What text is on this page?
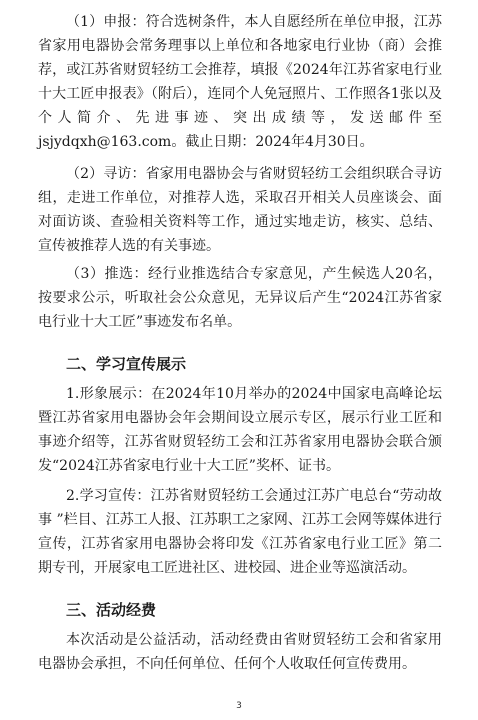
（1）申报：符合选树条件，本人自愿经所在单位申报，江苏省家用电器协会常务理事以上单位和各地家电行业协（商）会推荐，或江苏省财贸轻纺工会推荐，填报《2024年江苏省家电行业十大工匠申报表》（附后），连同个人免冠照片、工作照各1张以及个人简介、先进事迹、突出成绩等，发送邮件至jsjydqxh@163.com。截止日期：2024年4月30日。

（2）寻访：省家用电器协会与省财贸轻纺工会组织联合寻访组，走进工作单位，对推荐人选，采取召开相关人员座谈会、面对面访谈、查验相关资料等工作，通过实地走访，核实、总结、宣传被推荐人选的有关事迹。

（3）推选：经行业推选结合专家意见，产生候选人20名，按要求公示，听取社会公众意见，无异议后产生“2024江苏省家电行业十大工匠”事迹发布名单。

二、学习宣传展示

1.形象展示：在2024年10月举办的2024中国家电高峰论坛暨江苏省家用电器协会年会期间设立展示专区，展示行业工匠和事迹介绍等，江苏省财贸轻纺工会和江苏省家用电器协会联合颁发“2024江苏省家电行业十大工匠”奖杯、证书。

2.学习宣传：江苏省财贸轻纺工会通过江苏广电总台“劳动故事 ”栏目、江苏工人报、江苏职工之家网、江苏工会网等媒体进行宣传，江苏省家用电器协会将印发《江苏省家电行业工匠》第二期专刊，开展家电工匠进社区、进校园、进企业等巡演活动。

三、活动经费

本次活动是公益活动，活动经费由省财贸轻纺工会和省家用电器协会承担，不向任何单位、任何个人收取任何宣传费用。

3
